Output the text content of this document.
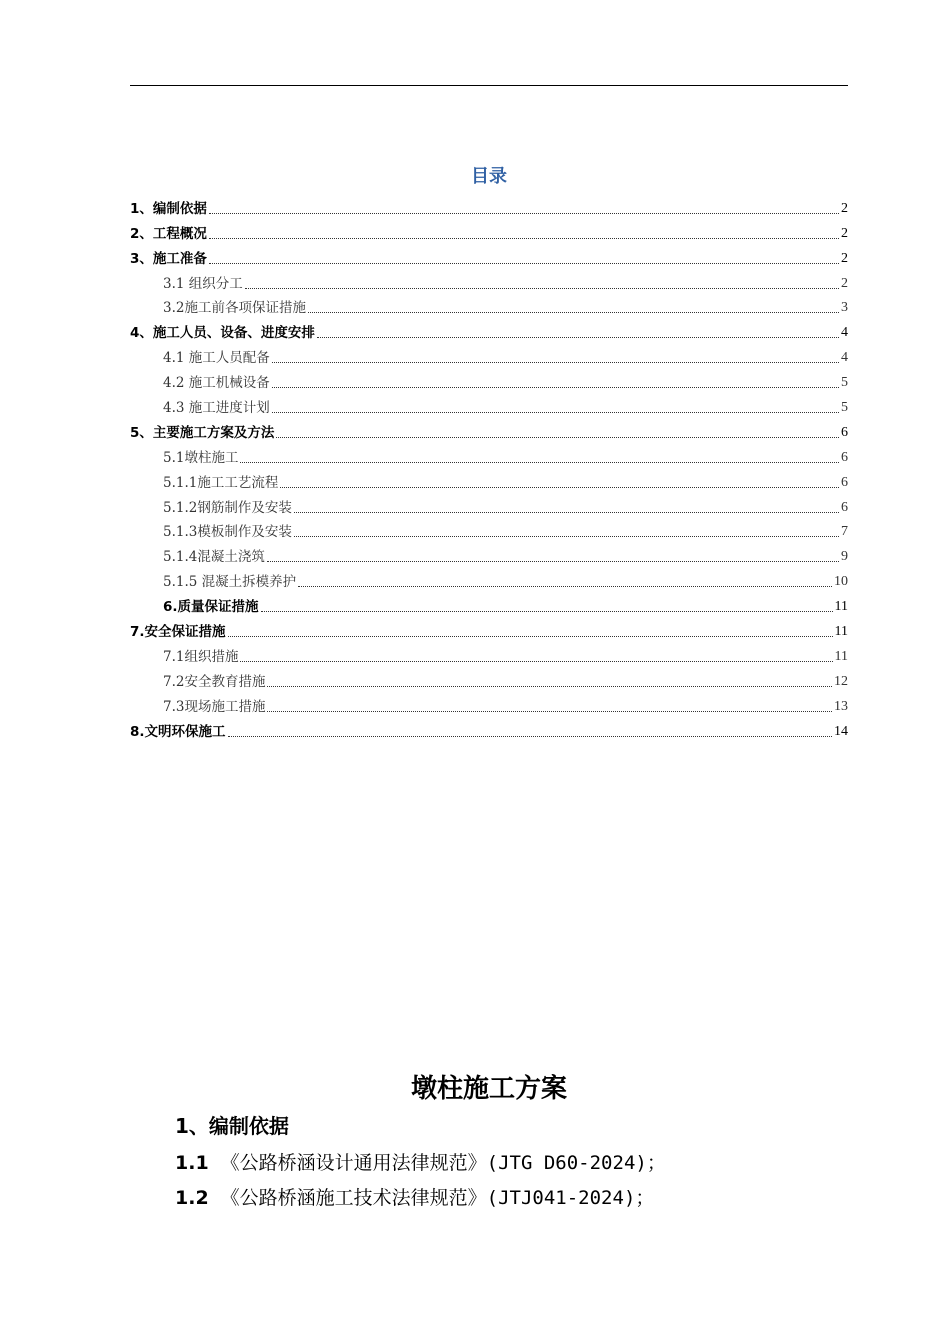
目录
1、编制依据	2
2、工程概况	2
3、施工准备	2
3.1 组织分工	2
3.2施工前各项保证措施	3
4、施工人员、设备、进度安排	4
4.1 施工人员配备	4
4.2 施工机械设备	5
4.3 施工进度计划	5
5、主要施工方案及方法	6
5.1墩柱施工	6
5.1.1施工工艺流程	6
5.1.2钢筋制作及安装	6
5.1.3模板制作及安装	7
5.1.4混凝土浇筑	9
5.1.5 混凝土拆模养护	10
6.质量保证措施	11
7.安全保证措施	11
7.1组织措施	11
7.2安全教育措施	12
7.3现场施工措施	13
8.文明环保施工	14
墩柱施工方案
1、编制依据
1.1 《公路桥涵设计通用法律规范》(JTG D60-2024)；
1.2 《公路桥涵施工技术法律规范》(JTJ041-2024)；
